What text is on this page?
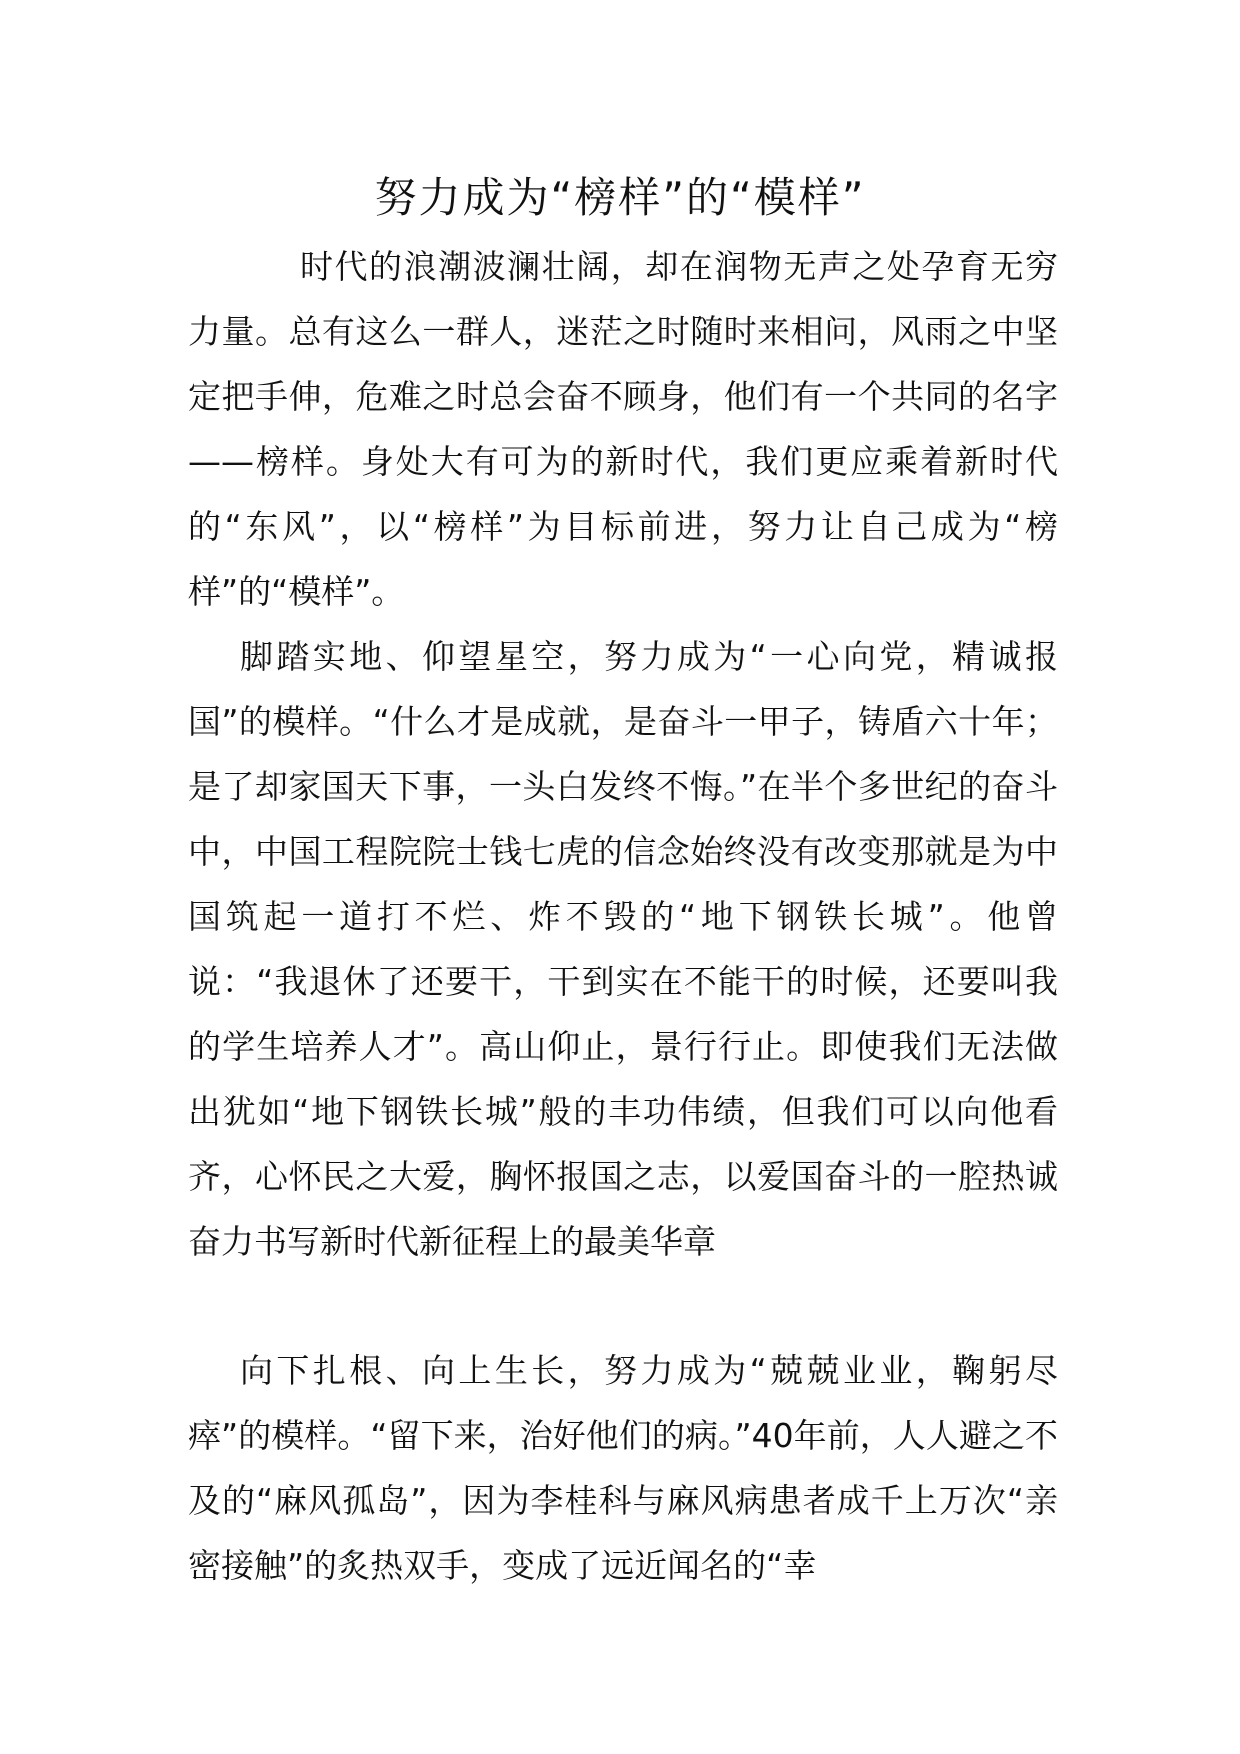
努力成为“榜样”的“模样”

时代的浪潮波澜壮阔，却在润物无声之处孕育无穷力量。总有这么一群人，迷茫之时随时来相问，风雨之中坚定把手伸，危难之时总会奋不顾身，他们有一个共同的名字——榜样。身处大有可为的新时代，我们更应乘着新时代的“东风”，以“榜样”为目标前进，努力让自己成为“榜样”的“模样”。

脚踏实地、仰望星空，努力成为“一心向党，精诚报国”的模样。“什么才是成就，是奋斗一甲子，铸盾六十年；是了却家国天下事，一头白发终不悔。”在半个多世纪的奋斗中，中国工程院院士钱七虎的信念始终没有改变那就是为中国筑起一道打不烂、炸不毁的“地下钢铁长城”。他曾说：“我退休了还要干，干到实在不能干的时候，还要叫我的学生培养人才”。高山仰止，景行行止。即使我们无法做出犹如“地下钢铁长城”般的丰功伟绩，但我们可以向他看齐，心怀民之大爱，胸怀报国之志，以爱国奋斗的一腔热诚奋力书写新时代新征程上的最美华章

向下扎根、向上生长，努力成为“兢兢业业，鞠躬尽瘁”的模样。“留下来，治好他们的病。”40年前，人人避之不及的“麻风孤岛”，因为李桂科与麻风病患者成千上万次“亲密接触”的炙热双手，变成了远近闻名的“幸
